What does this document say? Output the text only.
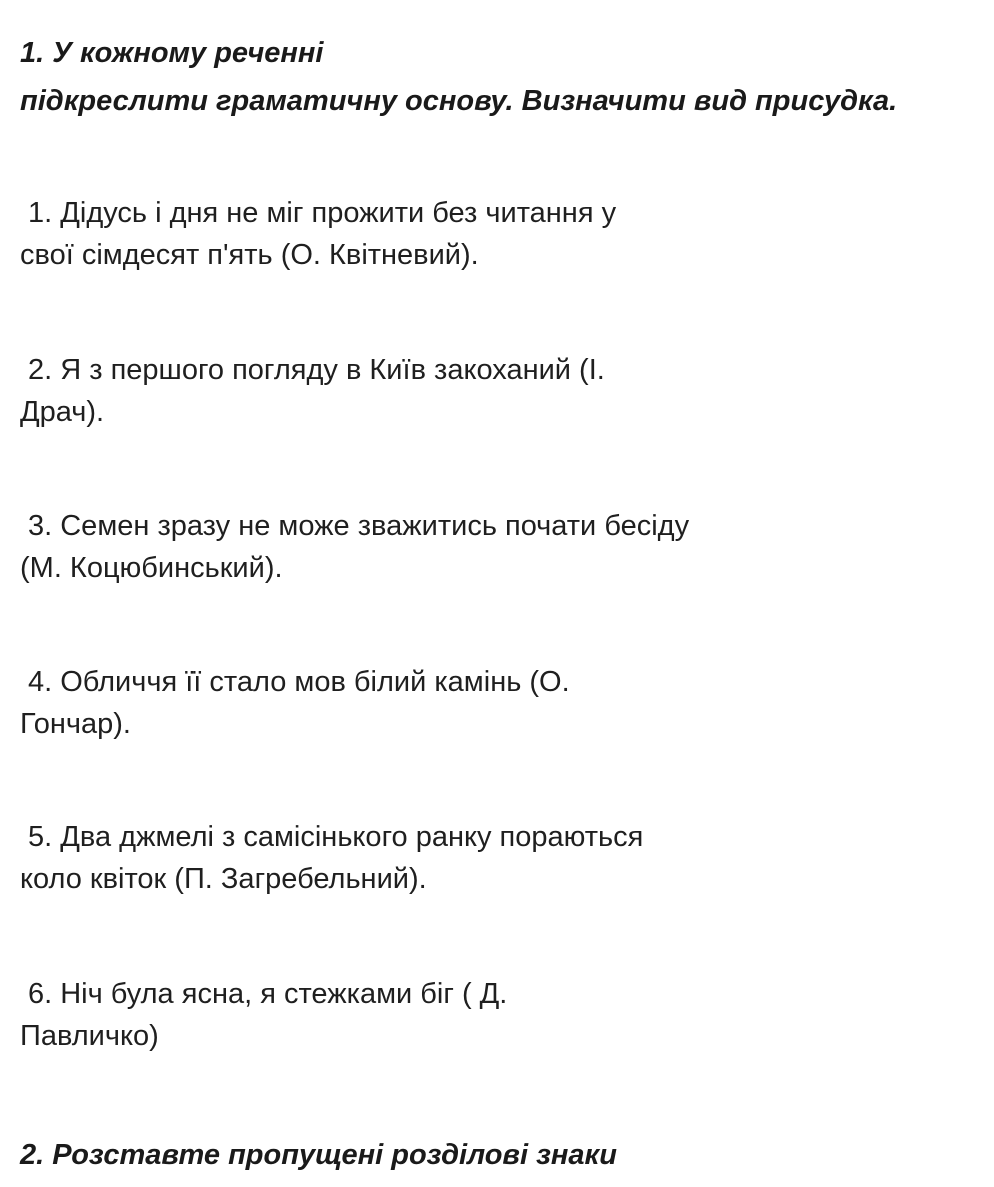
1. У кожному реченні
підкреслити граматичну основу. Визначити вид присудка.

1. Дідусь і дня не міг прожити без читання у
свої сімдесят п'ять (О. Квітневий).

2. Я з першого погляду в Київ закоханий (І.
Драч).

3. Семен зразу не може зважитись почати бесіду
(М. Коцюбинський).

4. Обличчя її стало мов білий камінь (О.
Гончар).

5. Два джмелі з самісінького ранку пораються
коло квіток (П. Загребельний).

6. Ніч була ясна, я стежками біг ( Д.
Павличко)

2. Розставте пропущені розділові знаки
